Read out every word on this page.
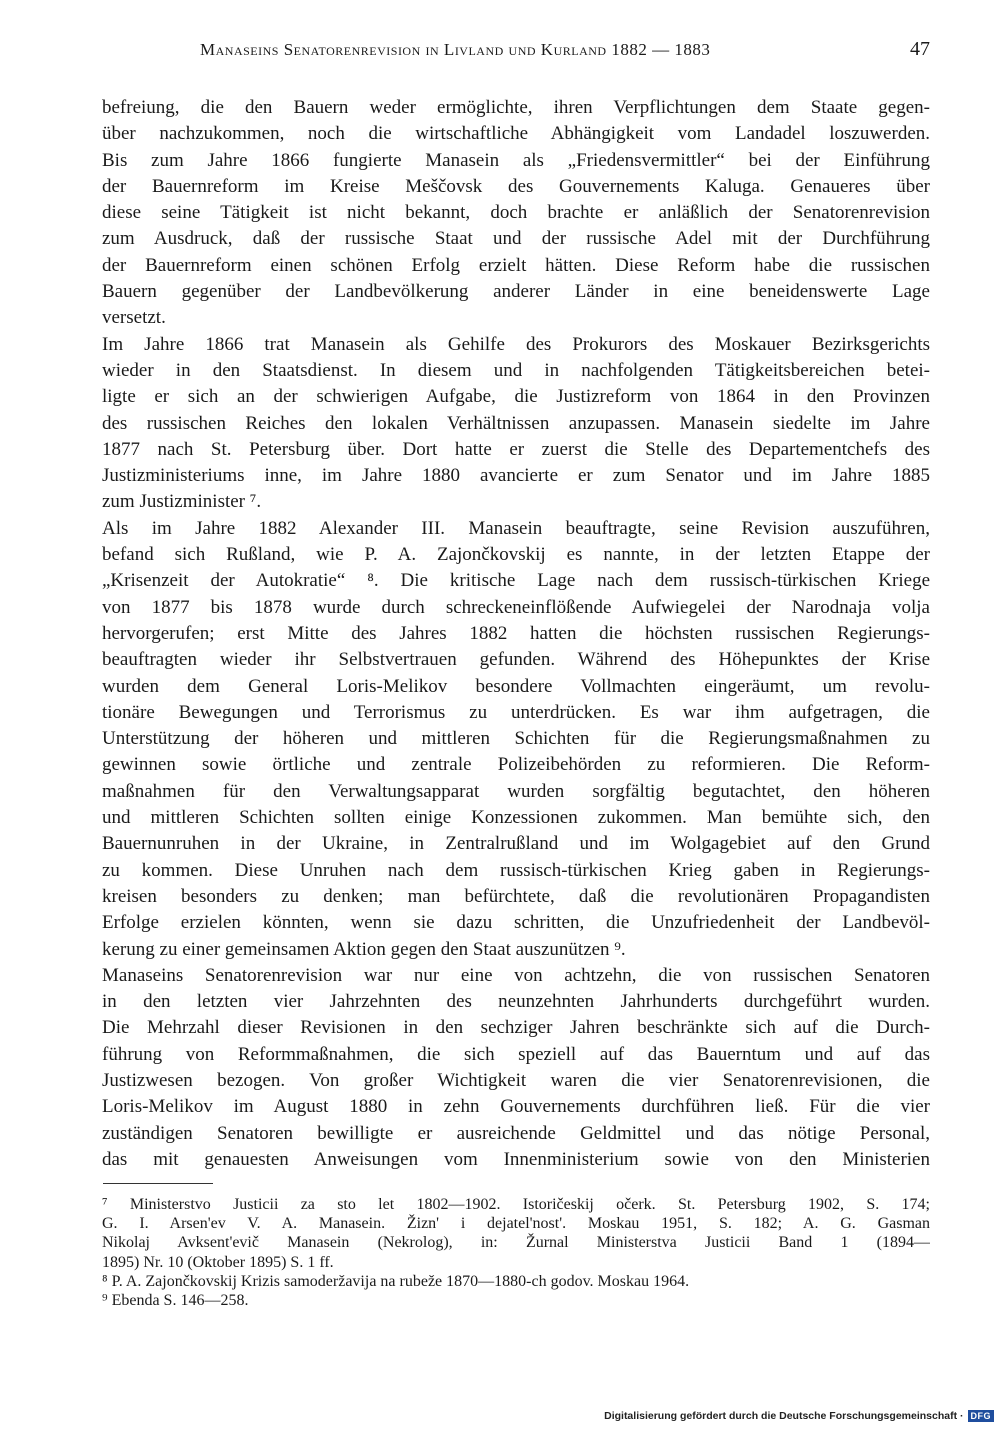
Manaseins Senatorenrevision in Livland und Kurland 1882 — 1883	47
befreiung, die den Bauern weder ermöglichte, ihren Verpflichtungen dem Staate gegen-
über nachzukommen, noch die wirtschaftliche Abhängigkeit vom Landadel loszuwerden.
Bis zum Jahre 1866 fungierte Manasein als „Friedensvermittler“ bei der Einführung
der Bauernreform im Kreise Meščovsk des Gouvernements Kaluga. Genaueres über
diese seine Tätigkeit ist nicht bekannt, doch brachte er anläßlich der Senatorenrevision
zum Ausdruck, daß der russische Staat und der russische Adel mit der Durchführung
der Bauernreform einen schönen Erfolg erzielt hätten. Diese Reform habe die russischen
Bauern gegenüber der Landbevölkerung anderer Länder in eine beneidenswerte Lage
versetzt.
Im Jahre 1866 trat Manasein als Gehilfe des Prokurors des Moskauer Bezirksgerichts
wieder in den Staatsdienst. In diesem und in nachfolgenden Tätigkeitsbereichen betei-
ligte er sich an der schwierigen Aufgabe, die Justizreform von 1864 in den Provinzen
des russischen Reiches den lokalen Verhältnissen anzupassen. Manasein siedelte im Jahre
1877 nach St. Petersburg über. Dort hatte er zuerst die Stelle des Departementchefs des
Justizministeriums inne, im Jahre 1880 avancierte er zum Senator und im Jahre 1885
zum Justizminister ⁷.
Als im Jahre 1882 Alexander III. Manasein beauftragte, seine Revision auszuführen,
befand sich Rußland, wie P. A. Zajončkovskij es nannte, in der letzten Etappe der
„Krisenzeit der Autokratie“ ⁸. Die kritische Lage nach dem russisch-türkischen Kriege
von 1877 bis 1878 wurde durch schreckeneinflößende Aufwiegelei der Narodnaja volja
hervorgerufen; erst Mitte des Jahres 1882 hatten die höchsten russischen Regierungs-
beauftragten wieder ihr Selbstvertrauen gefunden. Während des Höhepunktes der Krise
wurden dem General Loris-Melikov besondere Vollmachten eingeräumt, um revolu-
tionäre Bewegungen und Terrorismus zu unterdrücken. Es war ihm aufgetragen, die
Unterstützung der höheren und mittleren Schichten für die Regierungsmaßnahmen zu
gewinnen sowie örtliche und zentrale Polizeibehörden zu reformieren. Die Reform-
maßnahmen für den Verwaltungsapparat wurden sorgfältig begutachtet, den höheren
und mittleren Schichten sollten einige Konzessionen zukommen. Man bemühte sich, den
Bauernunruhen in der Ukraine, in Zentralrußland und im Wolgagebiet auf den Grund
zu kommen. Diese Unruhen nach dem russisch-türkischen Krieg gaben in Regierungs-
kreisen besonders zu denken; man befürchtete, daß die revolutionären Propagandisten
Erfolge erzielen könnten, wenn sie dazu schritten, die Unzufriedenheit der Landbevöl-
kerung zu einer gemeinsamen Aktion gegen den Staat auszunützen ⁹.
Manaseins Senatorenrevision war nur eine von achtzehn, die von russischen Senatoren
in den letzten vier Jahrzehnten des neunzehnten Jahrhunderts durchgeführt wurden.
Die Mehrzahl dieser Revisionen in den sechziger Jahren beschränkte sich auf die Durch-
führung von Reformmaßnahmen, die sich speziell auf das Bauerntum und auf das
Justizwesen bezogen. Von großer Wichtigkeit waren die vier Senatorenrevisionen, die
Loris-Melikov im August 1880 in zehn Gouvernements durchführen ließ. Für die vier
zuständigen Senatoren bewilligte er ausreichende Geldmittel und das nötige Personal,
das mit genauesten Anweisungen vom Innenministerium sowie von den Ministerien
⁷ Ministerstvo Justicii za sto let 1802—1902. Istoričeskij očerk. St. Petersburg 1902, S. 174;
G. I. Arsen'ev V. A. Manasein. Žizn' i dejatel'nost'. Moskau 1951, S. 182; A. G. Gasman
Nikolaj Avksent'evič Manasein (Nekrolog), in: Žurnal Ministerstva Justicii Band 1 (1894—
1895) Nr. 10 (Oktober 1895) S. 1 ff.
⁸ P. A. Zajončkovskij Krizis samoderžavija na rubeže 1870—1880-ch godov. Moskau 1964.
⁹ Ebenda S. 146—258.
Digitalisierung gefördert durch die Deutsche Forschungsgemeinschaft · DFG
